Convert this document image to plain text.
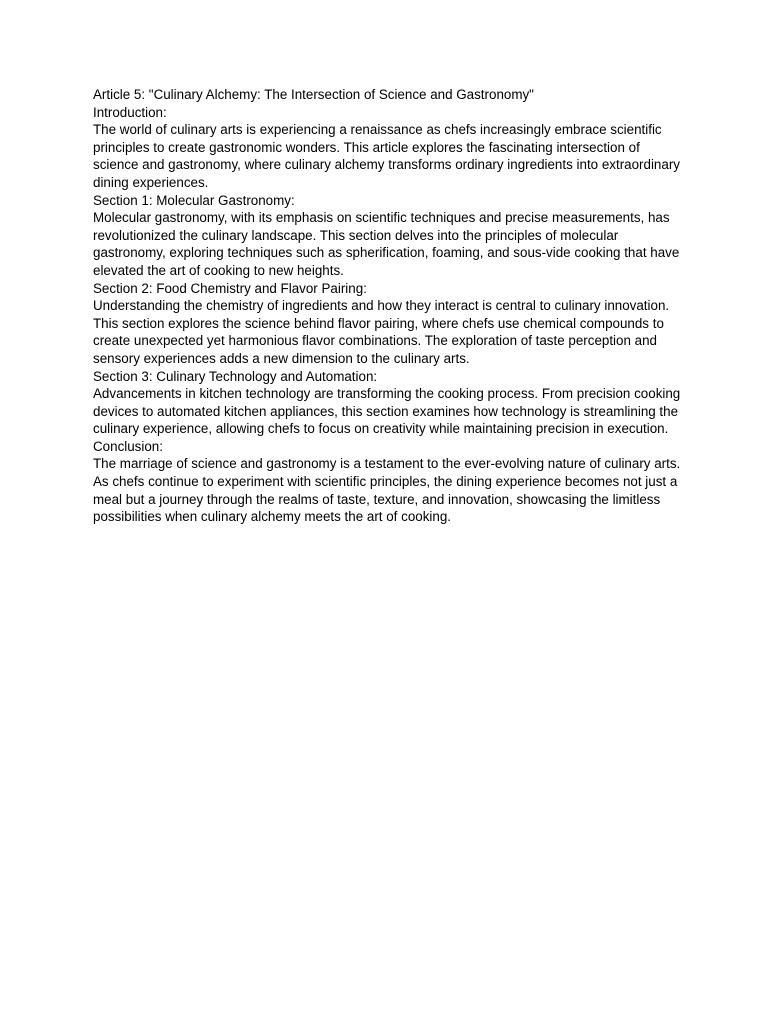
Article 5: "Culinary Alchemy: The Intersection of Science and Gastronomy"

Introduction:

The world of culinary arts is experiencing a renaissance as chefs increasingly embrace scientific principles to create gastronomic wonders. This article explores the fascinating intersection of science and gastronomy, where culinary alchemy transforms ordinary ingredients into extraordinary dining experiences.

Section 1: Molecular Gastronomy:

Molecular gastronomy, with its emphasis on scientific techniques and precise measurements, has revolutionized the culinary landscape. This section delves into the principles of molecular gastronomy, exploring techniques such as spherification, foaming, and sous-vide cooking that have elevated the art of cooking to new heights.

Section 2: Food Chemistry and Flavor Pairing:

Understanding the chemistry of ingredients and how they interact is central to culinary innovation. This section explores the science behind flavor pairing, where chefs use chemical compounds to create unexpected yet harmonious flavor combinations. The exploration of taste perception and sensory experiences adds a new dimension to the culinary arts.

Section 3: Culinary Technology and Automation:

Advancements in kitchen technology are transforming the cooking process. From precision cooking devices to automated kitchen appliances, this section examines how technology is streamlining the culinary experience, allowing chefs to focus on creativity while maintaining precision in execution.

Conclusion:

The marriage of science and gastronomy is a testament to the ever-evolving nature of culinary arts. As chefs continue to experiment with scientific principles, the dining experience becomes not just a meal but a journey through the realms of taste, texture, and innovation, showcasing the limitless possibilities when culinary alchemy meets the art of cooking.
